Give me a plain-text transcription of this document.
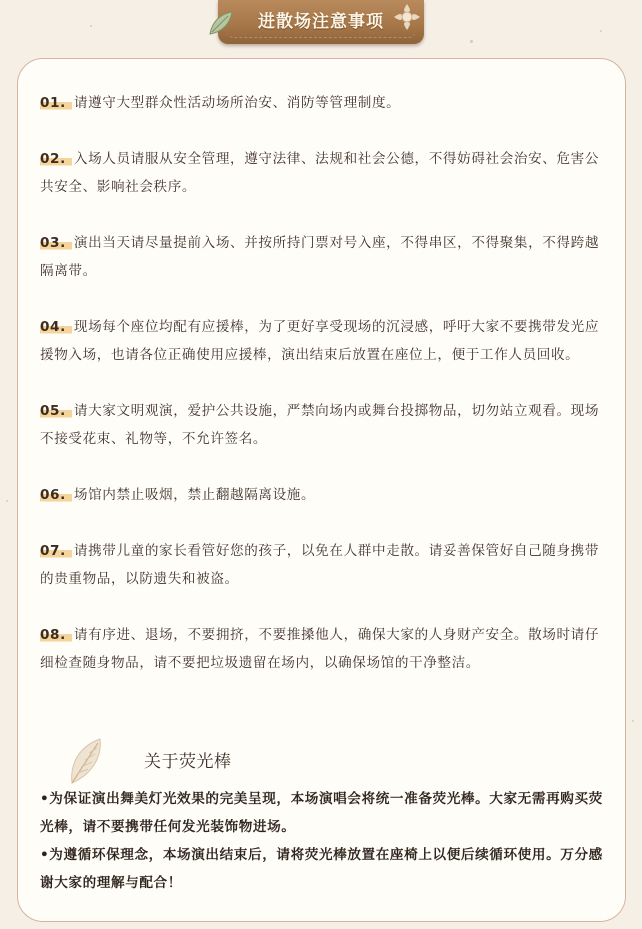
进散场注意事项
01. 请遵守大型群众性活动场所治安、消防等管理制度。
02. 入场人员请服从安全管理，遵守法律、法规和社会公德，不得妨碍社会治安、危害公共安全、影响社会秩序。
03. 演出当天请尽量提前入场、并按所持门票对号入座，不得串区，不得聚集，不得跨越隔离带。
04. 现场每个座位均配有应援棒，为了更好享受现场的沉浸感，呼吁大家不要携带发光应援物入场，也请各位正确使用应援棒，演出结束后放置在座位上，便于工作人员回收。
05. 请大家文明观演，爱护公共设施，严禁向场内或舞台投掷物品，切勿站立观看。现场不接受花束、礼物等，不允许签名。
06. 场馆内禁止吸烟，禁止翻越隔离设施。
07. 请携带儿童的家长看管好您的孩子，以免在人群中走散。请妥善保管好自己随身携带的贵重物品，以防遗失和被盗。
08. 请有序进、退场，不要拥挤，不要推搡他人，确保大家的人身财产安全。散场时请仔细检查随身物品，请不要把垃圾遗留在场内，以确保场馆的干净整洁。
关于荧光棒

•为保证演出舞美灯光效果的完美呈现，本场演唱会将统一准备荧光棒。大家无需再购买荧光棒，请不要携带任何发光装饰物进场。

•为遵循环保理念，本场演出结束后，请将荧光棒放置在座椅上以便后续循环使用。万分感谢大家的理解与配合！
